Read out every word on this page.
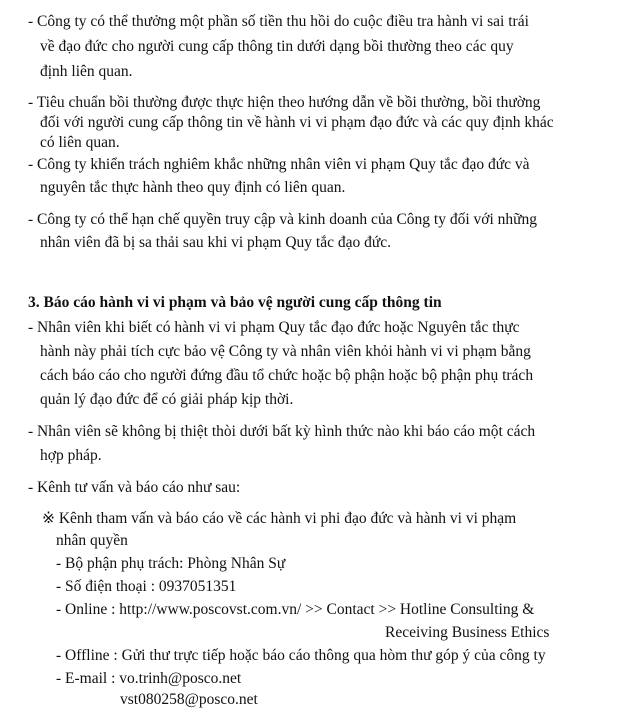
- Công ty có thể thưởng một phần số tiền thu hồi do cuộc điều tra hành vi sai trái
về đạo đức cho người cung cấp thông tin dưới dạng bồi thường theo các quy
định liên quan.
- Tiêu chuẩn bồi thường được thực hiện theo hướng dẫn về bồi thường, bồi thường
đối với người cung cấp thông tin về hành vi vi phạm đạo đức và các quy định khác
có liên quan.
- Công ty khiển trách nghiêm khắc những nhân viên vi phạm Quy tắc đạo đức và
nguyên tắc thực hành theo quy định có liên quan.
- Công ty có thể hạn chế quyền truy cập và kinh doanh của Công ty đối với những
nhân viên đã bị sa thải sau khi vi phạm Quy tắc đạo đức.
3. Báo cáo hành vi vi phạm và bảo vệ người cung cấp thông tin
- Nhân viên khi biết có hành vi vi phạm Quy tắc đạo đức hoặc Nguyên tắc thực
hành này phải tích cực bảo vệ Công ty và nhân viên khỏi hành vi vi phạm bằng
cách báo cáo cho người đứng đầu tổ chức hoặc bộ phận hoặc bộ phận phụ trách
quản lý đạo đức để có giải pháp kịp thời.
- Nhân viên sẽ không bị thiệt thòi dưới bất kỳ hình thức nào khi báo cáo một cách
hợp pháp.
- Kênh tư vấn và báo cáo như sau:
※ Kênh tham vấn và báo cáo về các hành vi phi đạo đức và hành vi vi phạm
nhân quyền
- Bộ phận phụ trách: Phòng Nhân Sự
- Số điện thoại : 0937051351
- Online : http://www.poscovst.com.vn/ >> Contact >> Hotline Consulting &
Receiving Business Ethics
- Offline : Gửi thư trực tiếp hoặc báo cáo thông qua hòm thư góp ý của công ty
- E-mail : vo.trinh@posco.net
vst080258@posco.net
